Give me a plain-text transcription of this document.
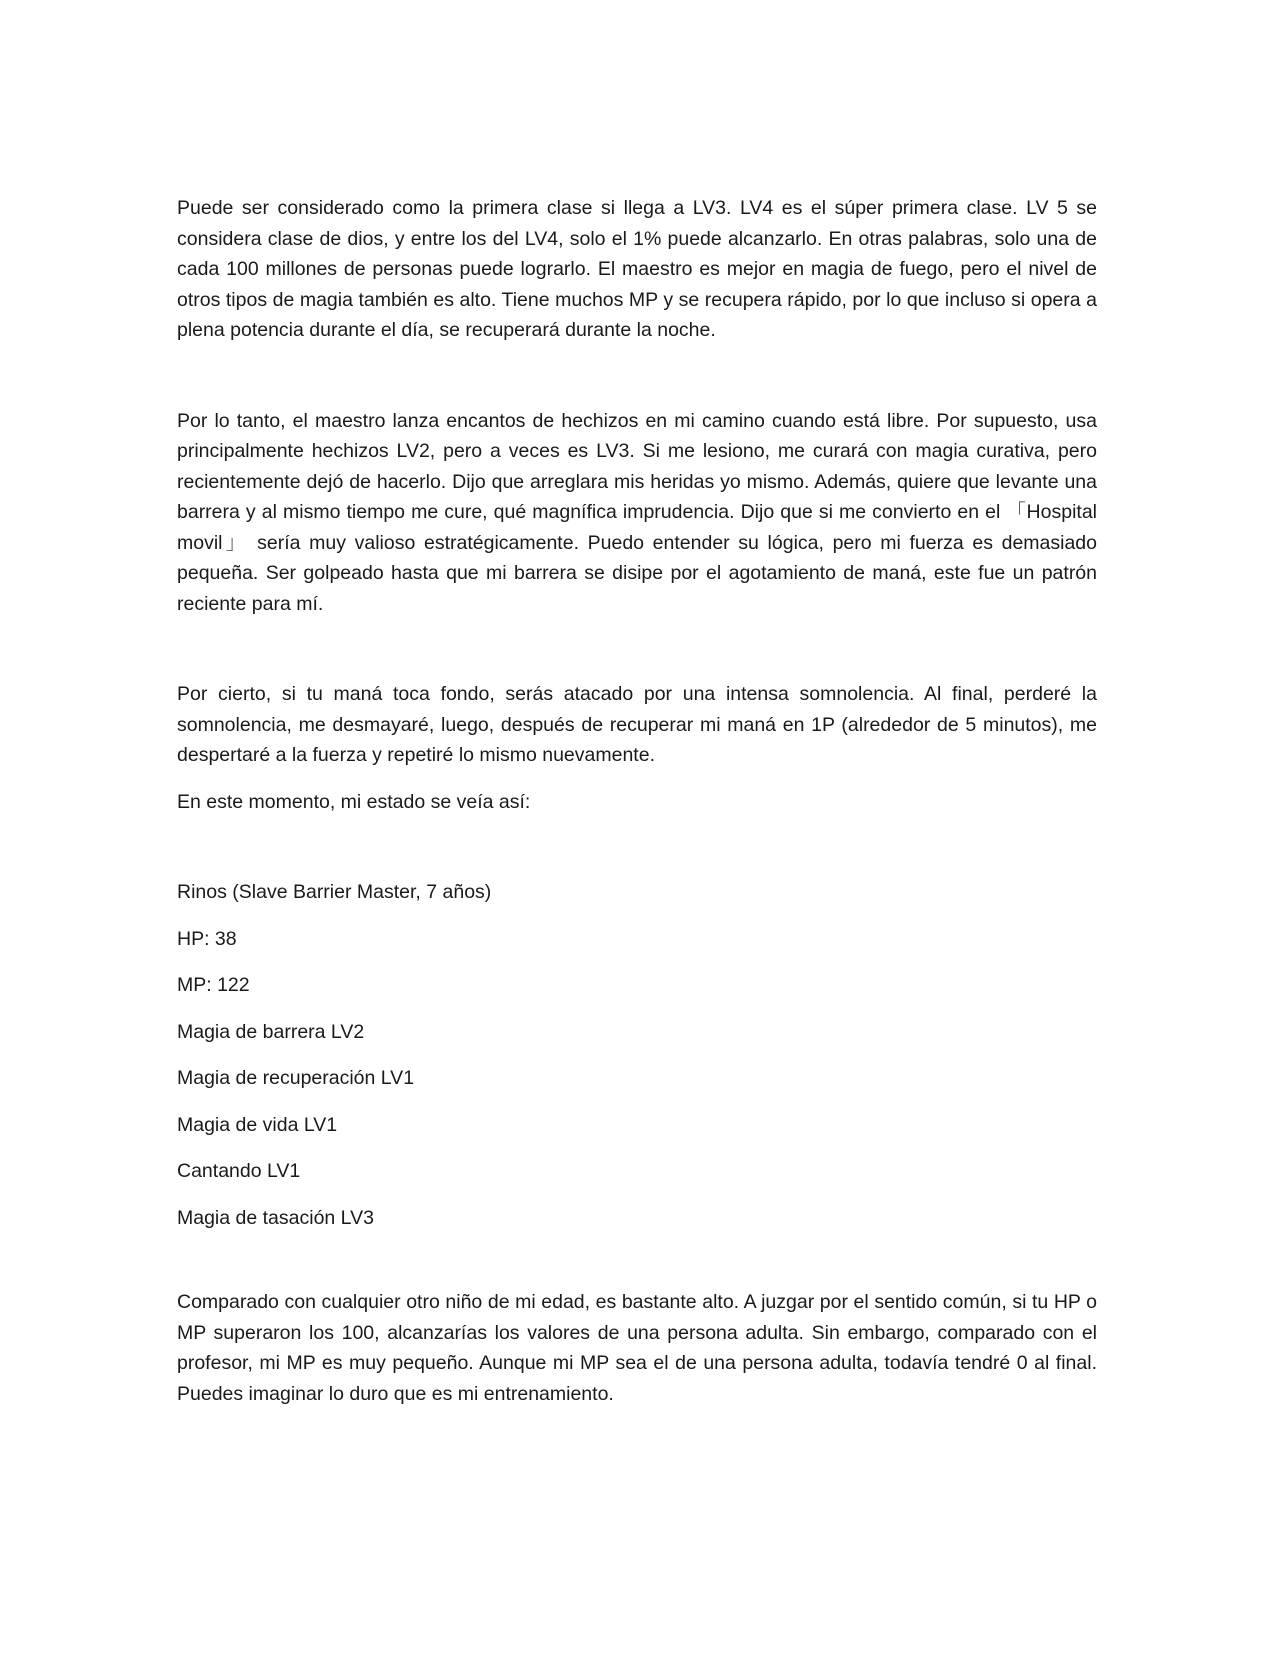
Puede ser considerado como la primera clase si llega a LV3. LV4 es el súper primera clase. LV 5 se considera clase de dios, y entre los del LV4, solo el 1% puede alcanzarlo. En otras palabras, solo una de cada 100 millones de personas puede lograrlo. El maestro es mejor en magia de fuego, pero el nivel de otros tipos de magia también es alto. Tiene muchos MP y se recupera rápido, por lo que incluso si opera a plena potencia durante el día, se recuperará durante la noche.

Por lo tanto, el maestro lanza encantos de hechizos en mi camino cuando está libre. Por supuesto, usa principalmente hechizos LV2, pero a veces es LV3. Si me lesiono, me curará con magia curativa, pero recientemente dejó de hacerlo. Dijo que arreglara mis heridas yo mismo. Además, quiere que levante una barrera y al mismo tiempo me cure, qué magnífica imprudencia. Dijo que si me convierto en el 「Hospital movil」 sería muy valioso estratégicamente. Puedo entender su lógica, pero mi fuerza es demasiado pequeña. Ser golpeado hasta que mi barrera se disipe por el agotamiento de maná, este fue un patrón reciente para mí.

Por cierto, si tu maná toca fondo, serás atacado por una intensa somnolencia. Al final, perderé la somnolencia, me desmayaré, luego, después de recuperar mi maná en 1P (alrededor de 5 minutos), me despertaré a la fuerza y repetiré lo mismo nuevamente.

En este momento, mi estado se veía así:

Rinos (Slave Barrier Master, 7 años)

HP: 38

MP: 122

Magia de barrera LV2

Magia de recuperación LV1

Magia de vida LV1

Cantando LV1

Magia de tasación LV3

Comparado con cualquier otro niño de mi edad, es bastante alto. A juzgar por el sentido común, si tu HP o MP superaron los 100, alcanzarías los valores de una persona adulta. Sin embargo, comparado con el profesor, mi MP es muy pequeño. Aunque mi MP sea el de una persona adulta, todavía tendré 0 al final. Puedes imaginar lo duro que es mi entrenamiento.
